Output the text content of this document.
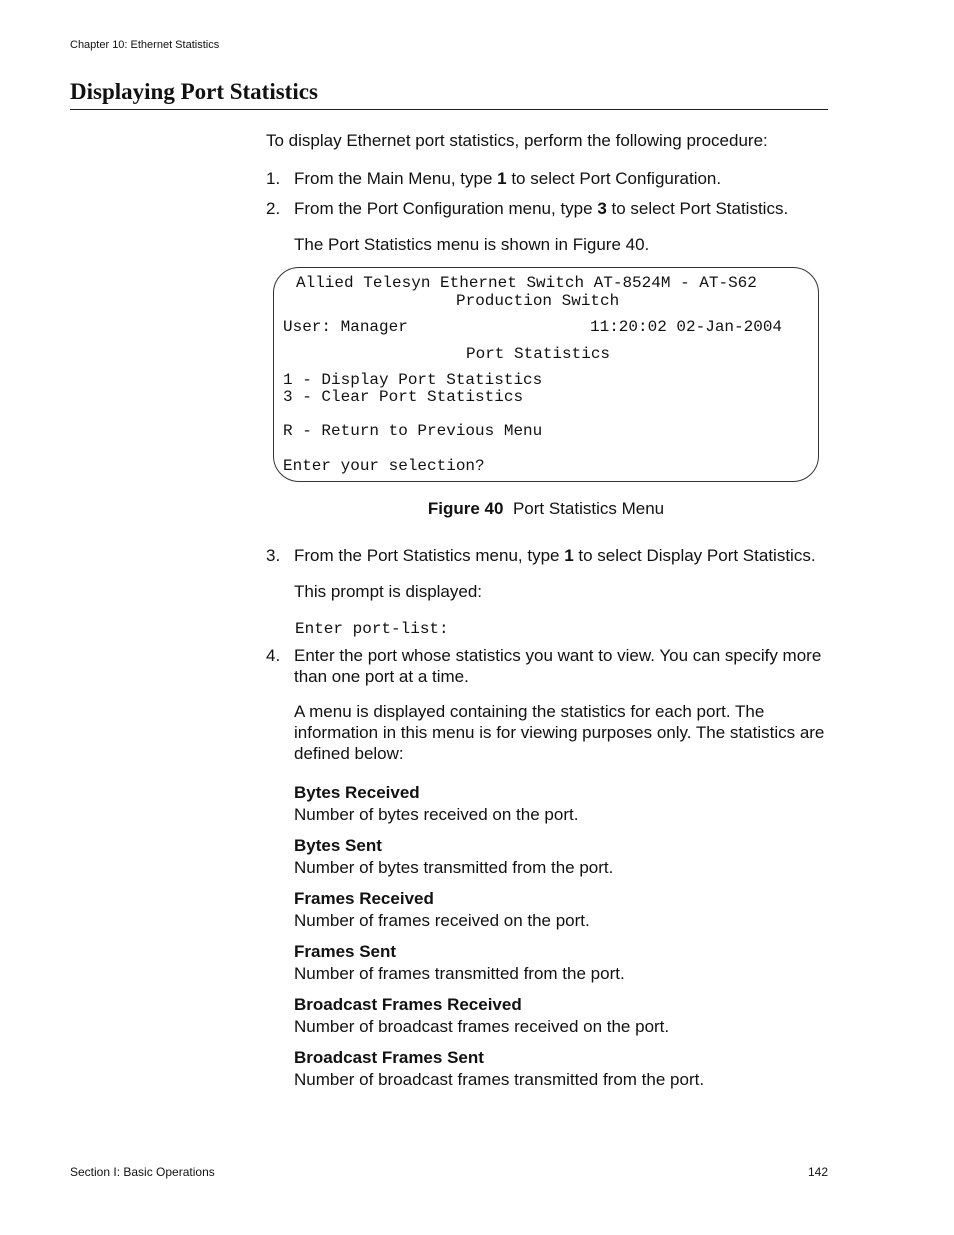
Chapter 10: Ethernet Statistics
Displaying Port Statistics
To display Ethernet port statistics, perform the following procedure:
1. From the Main Menu, type 1 to select Port Configuration.
2. From the Port Configuration menu, type 3 to select Port Statistics.
The Port Statistics menu is shown in Figure 40.
Allied Telesyn Ethernet Switch AT-8524M - AT-S62
Production Switch
User: Manager	11:20:02 02-Jan-2004
Port Statistics
1 - Display Port Statistics
3 - Clear Port Statistics
R - Return to Previous Menu
Enter your selection?
Figure 40 Port Statistics Menu
3. From the Port Statistics menu, type 1 to select Display Port Statistics.
This prompt is displayed:
Enter port-list:
4. Enter the port whose statistics you want to view. You can specify more than one port at a time.
A menu is displayed containing the statistics for each port. The information in this menu is for viewing purposes only. The statistics are defined below:
Bytes Received
Number of bytes received on the port.
Bytes Sent
Number of bytes transmitted from the port.
Frames Received
Number of frames received on the port.
Frames Sent
Number of frames transmitted from the port.
Broadcast Frames Received
Number of broadcast frames received on the port.
Broadcast Frames Sent
Number of broadcast frames transmitted from the port.
Section I: Basic Operations	142
